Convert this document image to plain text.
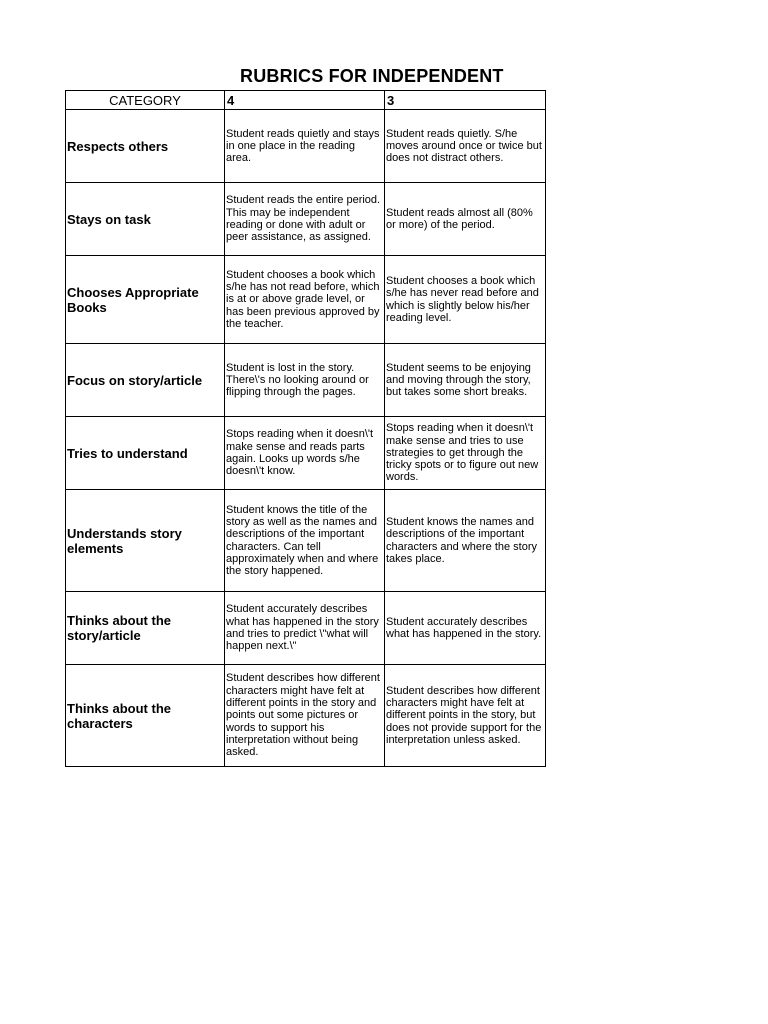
RUBRICS FOR INDEPENDENT
CATEGORY	4	3
Respects others	Student reads quietly and stays in one place in the reading area.	Student reads quietly. S/he moves around once or twice but does not distract others.
Stays on task	Student reads the entire period. This may be independent reading or done with adult or peer assistance, as assigned.	Student reads almost all (80% or more) of the period.
Chooses Appropriate Books	Student chooses a book which s/he has not read before, which is at or above grade level, or has been previous approved by the teacher.	Student chooses a book which s/he has never read before and which is slightly below his/her reading level.
Focus on story/article	Student is lost in the story. There\'s no looking around or flipping through the pages.	Student seems to be enjoying and moving through the story, but takes some short breaks.
Tries to understand	Stops reading when it doesn\'t make sense and reads parts again. Looks up words s/he doesn\'t know.	Stops reading when it doesn\'t make sense and tries to use strategies to get through the tricky spots or to figure out new words.
Understands story elements	Student knows the title of the story as well as the names and descriptions of the important characters. Can tell approximately when and where the story happened.	Student knows the names and descriptions of the important characters and where the story takes place.
Thinks about the story/article	Student accurately describes what has happened in the story and tries to predict \"what will happen next.\"	Student accurately describes what has happened in the story.
Thinks about the characters	Student describes how different characters might have felt at different points in the story and points out some pictures or words to support his interpretation without being asked.	Student describes how different characters might have felt at different points in the story, but does not provide support for the interpretation unless asked.
